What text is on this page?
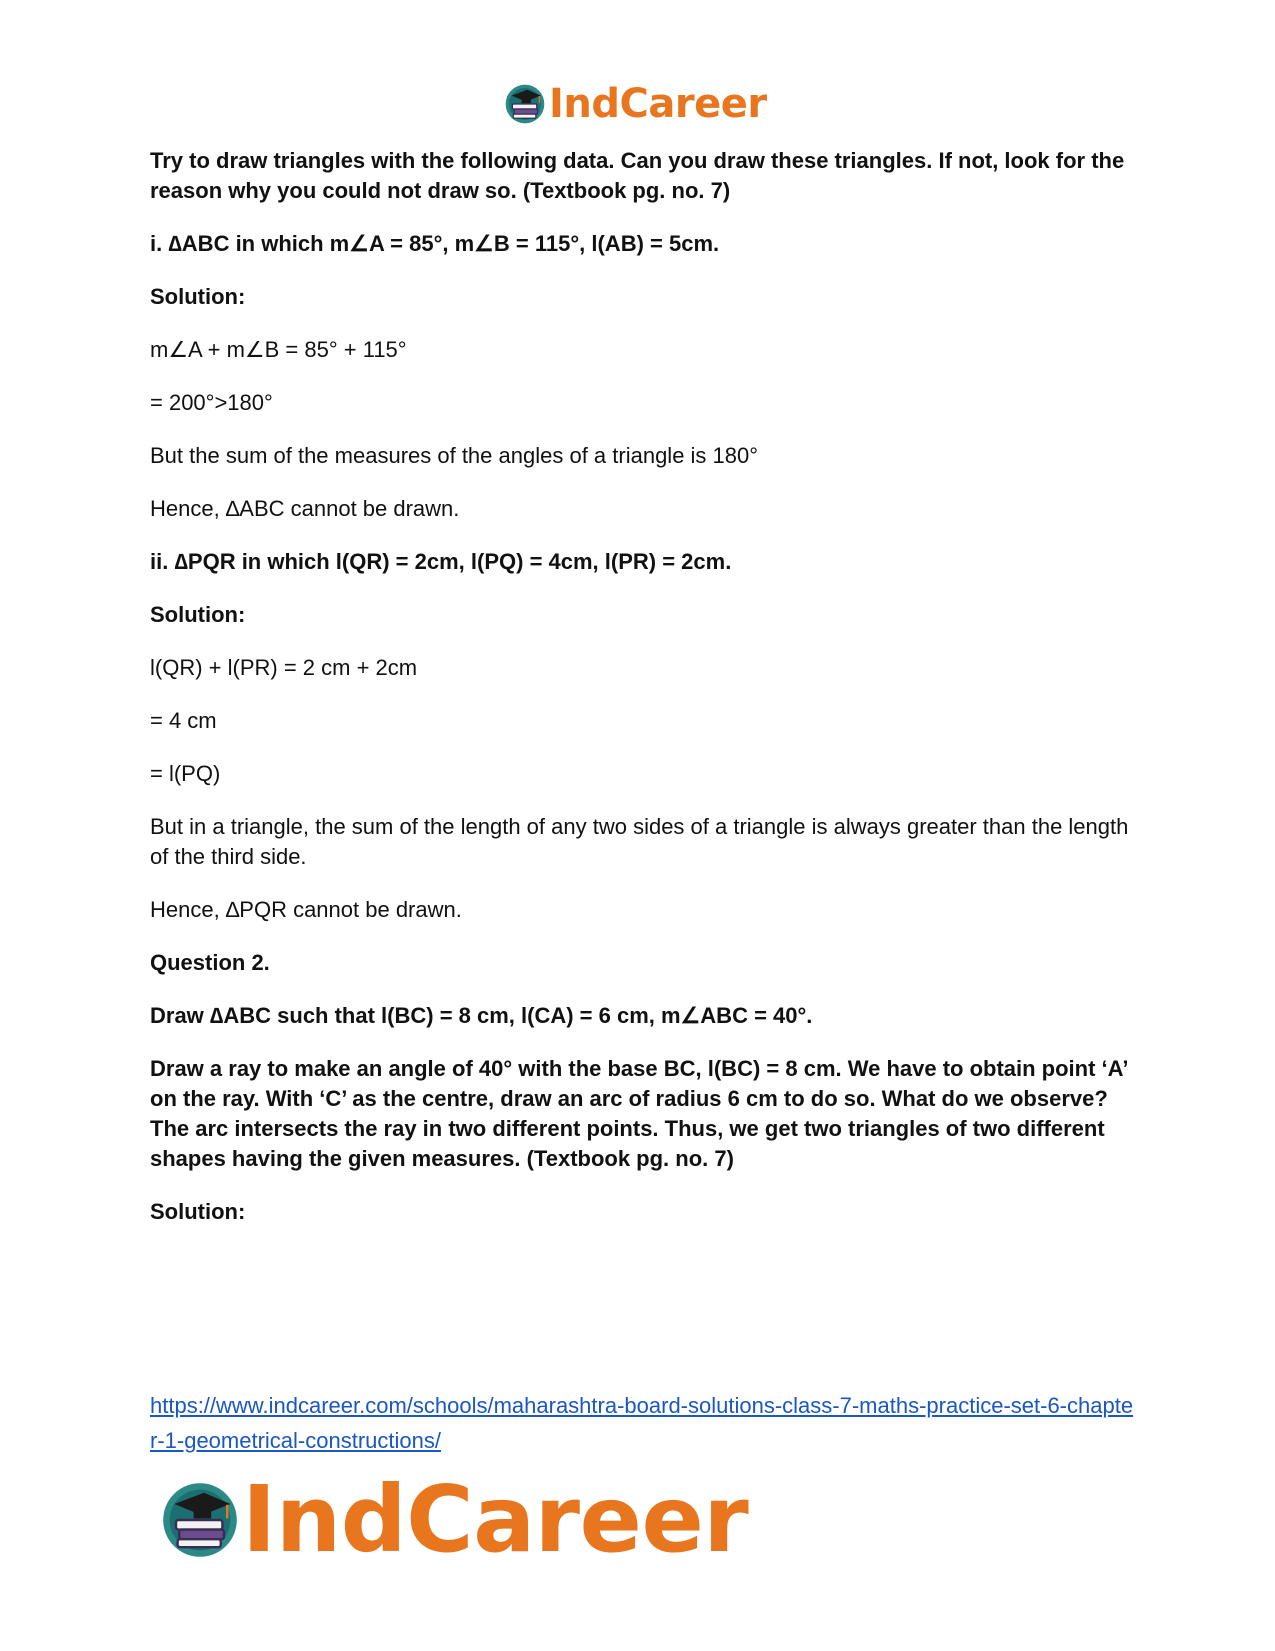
IndCareer

Try to draw triangles with the following data. Can you draw these triangles. If not, look for the reason why you could not draw so. (Textbook pg. no. 7)

i. ∆ABC in which m∠A = 85°, m∠B = 115°, l(AB) = 5cm.

Solution:

m∠A + m∠B = 85° + 115°

= 200°>180°

But the sum of the measures of the angles of a triangle is 180°

Hence, ∆ABC cannot be drawn.

ii. ∆PQR in which l(QR) = 2cm, l(PQ) = 4cm, l(PR) = 2cm.

Solution:

l(QR) + l(PR) = 2 cm + 2cm

= 4 cm

= l(PQ)

But in a triangle, the sum of the length of any two sides of a triangle is always greater than the length of the third side.

Hence, ∆PQR cannot be drawn.

Question 2.

Draw ∆ABC such that l(BC) = 8 cm, l(CA) = 6 cm, m∠ABC = 40°.

Draw a ray to make an angle of 40° with the base BC, l(BC) = 8 cm. We have to obtain point ‘A’ on the ray. With ‘C’ as the centre, draw an arc of radius 6 cm to do so. What do we observe? The arc intersects the ray in two different points. Thus, we get two triangles of two different shapes having the given measures. (Textbook pg. no. 7)

Solution:

https://www.indcareer.com/schools/maharashtra-board-solutions-class-7-maths-practice-set-6-chapter-1-geometrical-constructions/
IndCareer
